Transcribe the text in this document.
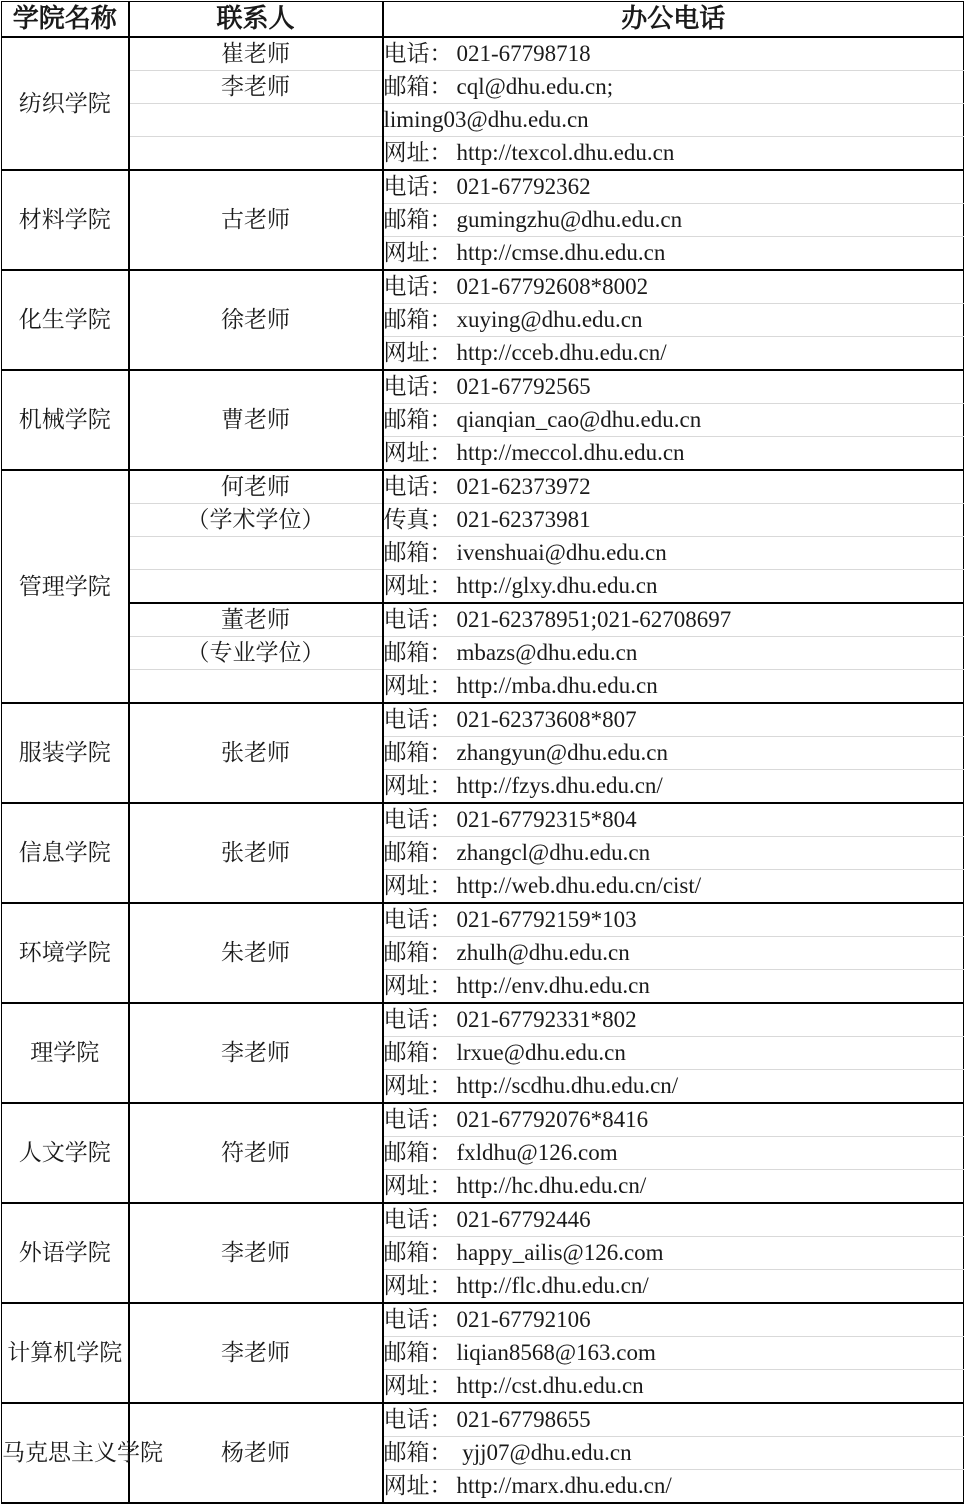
学院名称	联系人	办公电话
纺织学院	崔老师	电话： 021-67798718
	李老师	邮箱： cql@dhu.edu.cn;
		liming03@dhu.edu.cn
		网址： http://texcol.dhu.edu.cn
材料学院	古老师	电话： 021-67792362
		邮箱： gumingzhu@dhu.edu.cn
		网址： http://cmse.dhu.edu.cn
化生学院	徐老师	电话： 021-67792608*8002
		邮箱： xuying@dhu.edu.cn
		网址： http://cceb.dhu.edu.cn/
机械学院	曹老师	电话： 021-67792565
		邮箱： qianqian_cao@dhu.edu.cn
		网址： http://meccol.dhu.edu.cn
管理学院	何老师	电话： 021-62373972
	（学术学位）	传真： 021-62373981
		邮箱： ivenshuai@dhu.edu.cn
		网址： http://glxy.dhu.edu.cn
	董老师	电话： 021-62378951;021-62708697
	（专业学位）	邮箱： mbazs@dhu.edu.cn
		网址： http://mba.dhu.edu.cn
服装学院	张老师	电话： 021-62373608*807
		邮箱： zhangyun@dhu.edu.cn
		网址： http://fzys.dhu.edu.cn/
信息学院	张老师	电话： 021-67792315*804
		邮箱： zhangcl@dhu.edu.cn
		网址： http://web.dhu.edu.cn/cist/
环境学院	朱老师	电话： 021-67792159*103
		邮箱： zhulh@dhu.edu.cn
		网址： http://env.dhu.edu.cn
理学院	李老师	电话： 021-67792331*802
		邮箱： lrxue@dhu.edu.cn
		网址： http://scdhu.dhu.edu.cn/
人文学院	符老师	电话： 021-67792076*8416
		邮箱： fxldhu@126.com
		网址： http://hc.dhu.edu.cn/
外语学院	李老师	电话： 021-67792446
		邮箱： happy_ailis@126.com
		网址： http://flc.dhu.edu.cn/
计算机学院	李老师	电话： 021-67792106
		邮箱： liqian8568@163.com
		网址： http://cst.dhu.edu.cn
马克思主义学院	杨老师	电话： 021-67798655
		邮箱： yjj07@dhu.edu.cn
		网址： http://marx.dhu.edu.cn/
